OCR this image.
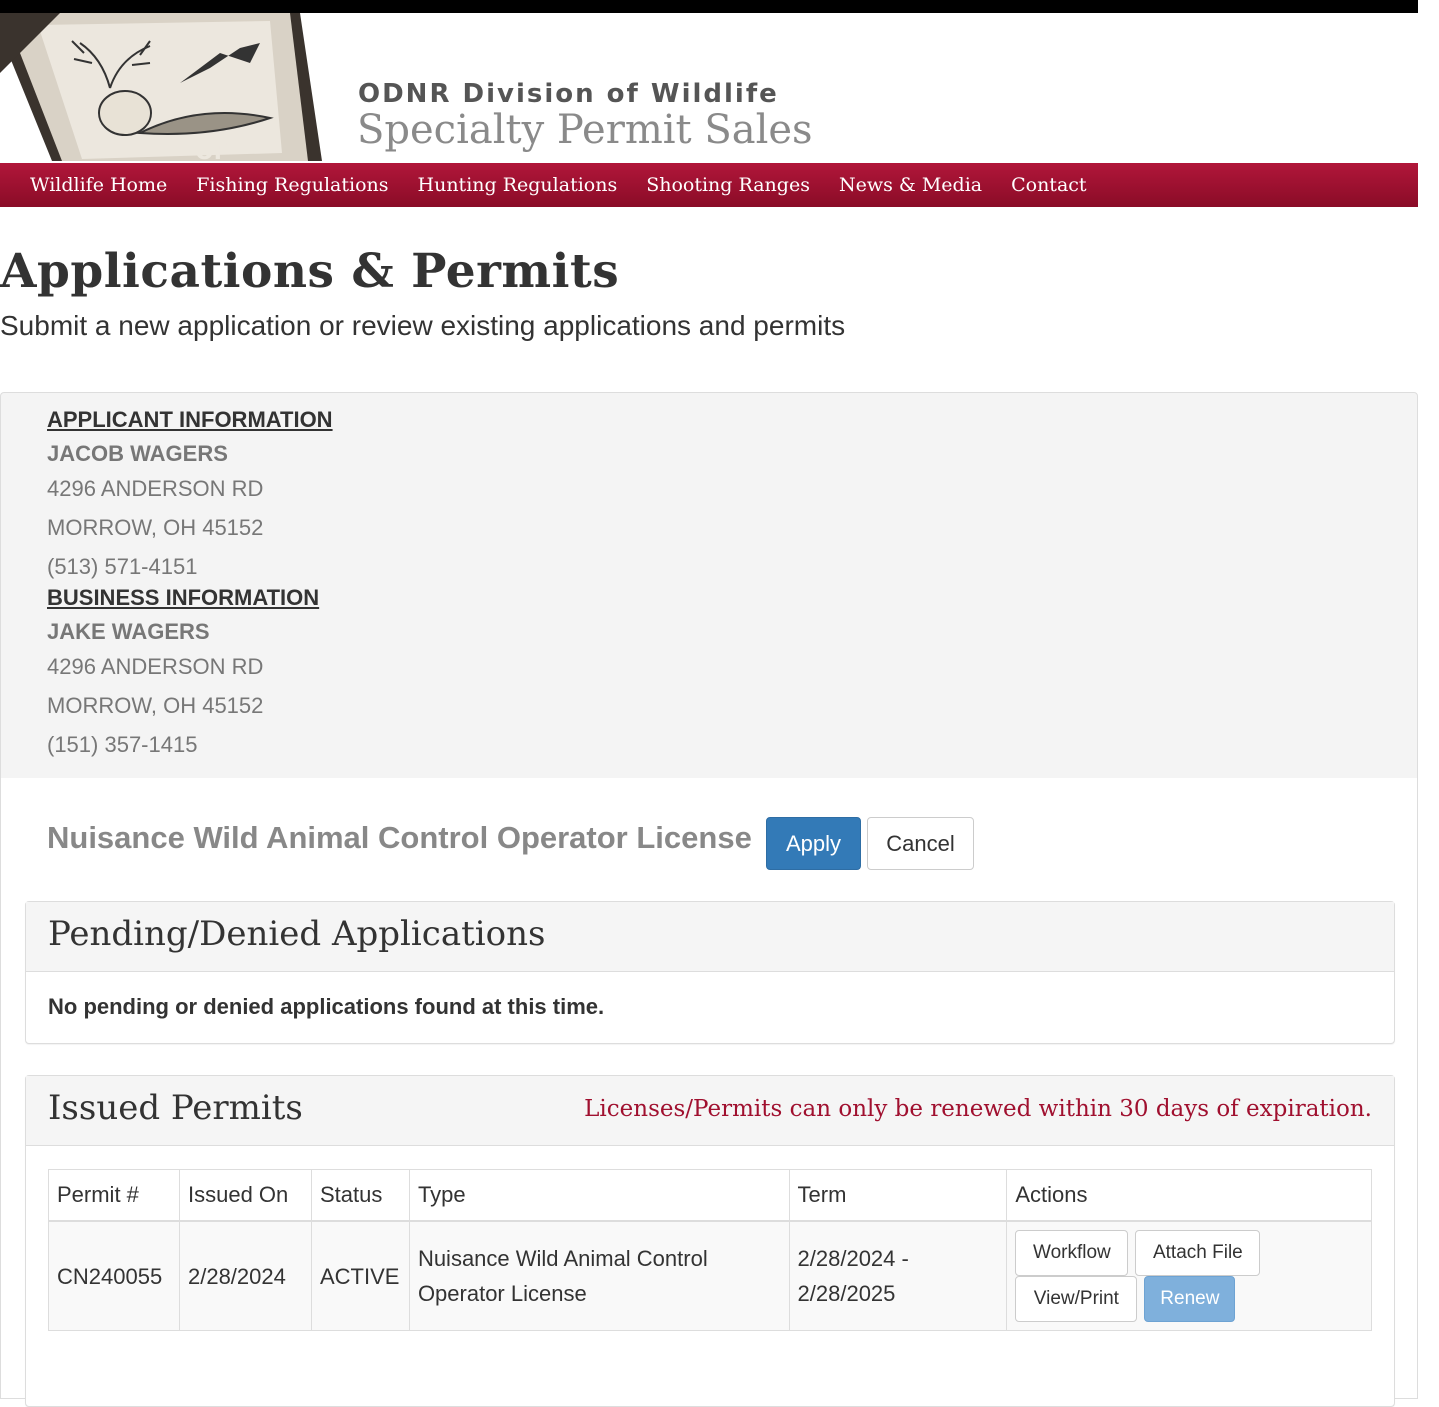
OF
ODNR Division of Wildlife
Specialty Permit Sales
Wildlife Home Fishing Regulations Hunting Regulations Shooting Ranges News & Media Contact
Applications & Permits
Submit a new application or review existing applications and permits
APPLICANT INFORMATION
JACOB WAGERS
4296 ANDERSON RD
MORROW, OH 45152
(513) 571-4151
BUSINESS INFORMATION
JAKE WAGERS
4296 ANDERSON RD
MORROW, OH 45152
(151) 357-1415
Nuisance Wild Animal Control Operator License	Apply	Cancel
Pending/Denied Applications
No pending or denied applications found at this time.
Issued Permits	Licenses/Permits can only be renewed within 30 days of expiration.
Permit #	Issued On	Status	Type	Term	Actions
CN240055	2/28/2024	ACTIVE	Nuisance Wild Animal Control Operator License	2/28/2024 - 2/28/2025	Workflow Attach File
View/Print Renew
